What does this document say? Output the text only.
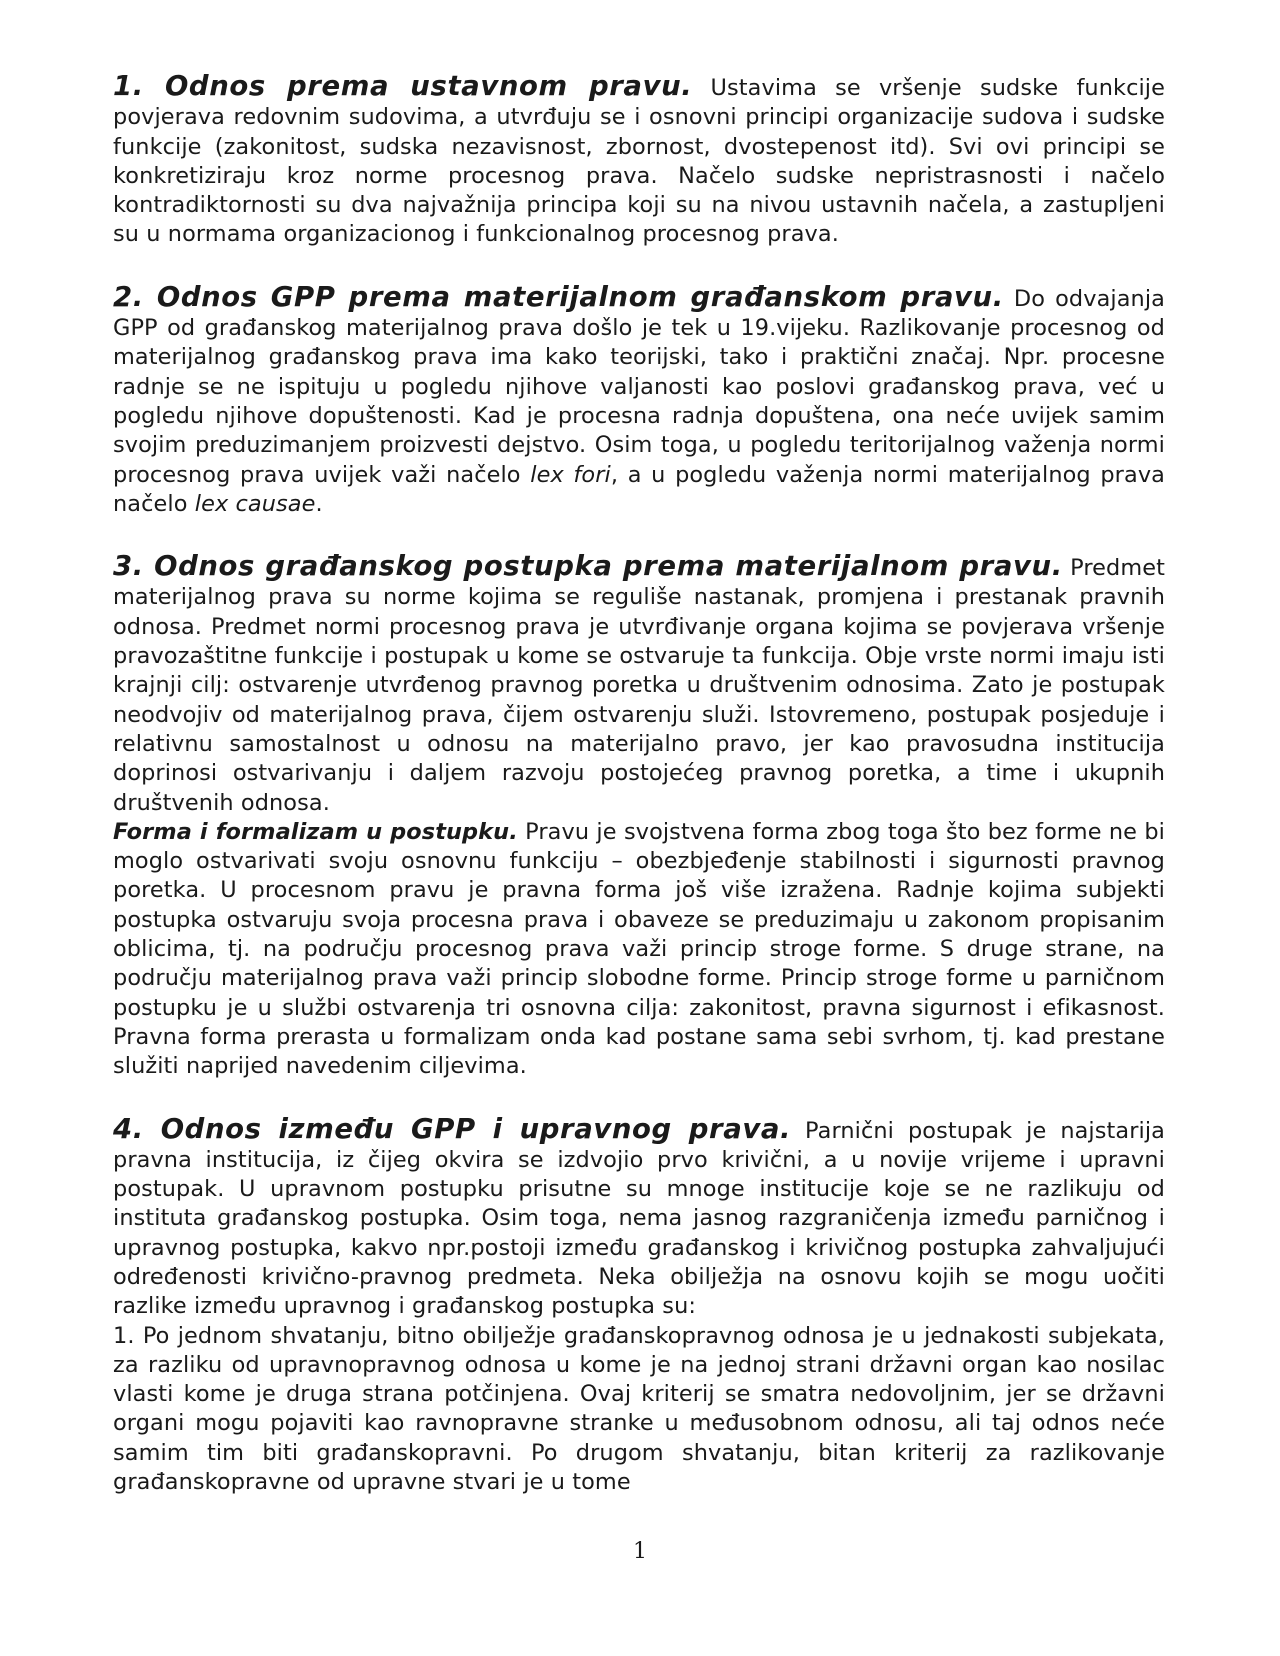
1. Odnos prema ustavnom pravu. Ustavima se vršenje sudske funkcije povjerava redovnim sudovima, a utvrđuju se i osnovni principi organizacije sudova i sudske funkcije (zakonitost, sudska nezavisnost, zbornost, dvostepenost itd). Svi ovi principi se konkretiziraju kroz norme procesnog prava. Načelo sudske nepristrasnosti i načelo kontradiktornosti su dva najvažnija principa koji su na nivou ustavnih načela, a zastupljeni su u normama organizacionog i funkcionalnog procesnog prava.

2. Odnos GPP prema materijalnom građanskom pravu. Do odvajanja GPP od građanskog materijalnog prava došlo je tek u 19.vijeku. Razlikovanje procesnog od materijalnog građanskog prava ima kako teorijski, tako i praktični značaj. Npr. procesne radnje se ne ispituju u pogledu njihove valjanosti kao poslovi građanskog prava, već u pogledu njihove dopuštenosti. Kad je procesna radnja dopuštena, ona neće uvijek samim svojim preduzimanjem proizvesti dejstvo. Osim toga, u pogledu teritorijalnog važenja normi procesnog prava uvijek važi načelo lex fori, a u pogledu važenja normi materijalnog prava načelo lex causae.

3. Odnos građanskog postupka prema materijalnom pravu. Predmet materijalnog prava su norme kojima se reguliše nastanak, promjena i prestanak pravnih odnosa. Predmet normi procesnog prava je utvrđivanje organa kojima se povjerava vršenje pravozaštitne funkcije i postupak u kome se ostvaruje ta funkcija. Obje vrste normi imaju isti krajnji cilj: ostvarenje utvrđenog pravnog poretka u društvenim odnosima. Zato je postupak neodvojiv od materijalnog prava, čijem ostvarenju služi. Istovremeno, postupak posjeduje i relativnu samostalnost u odnosu na materijalno pravo, jer kao pravosudna institucija doprinosi ostvarivanju i daljem razvoju postojećeg pravnog poretka, a time i ukupnih društvenih odnosa.

Forma i formalizam u postupku. Pravu je svojstvena forma zbog toga što bez forme ne bi moglo ostvarivati svoju osnovnu funkciju – obezbjeđenje stabilnosti i sigurnosti pravnog poretka. U procesnom pravu je pravna forma još više izražena. Radnje kojima subjekti postupka ostvaruju svoja procesna prava i obaveze se preduzimaju u zakonom propisanim oblicima, tj. na području procesnog prava važi princip stroge forme. S druge strane, na području materijalnog prava važi princip slobodne forme. Princip stroge forme u parničnom postupku je u službi ostvarenja tri osnovna cilja: zakonitost, pravna sigurnost i efikasnost. Pravna forma prerasta u formalizam onda kad postane sama sebi svrhom, tj. kad prestane služiti naprijed navedenim ciljevima.

4. Odnos između GPP i upravnog prava. Parnični postupak je najstarija pravna institucija, iz čijeg okvira se izdvojio prvo krivični, a u novije vrijeme i upravni postupak. U upravnom postupku prisutne su mnoge institucije koje se ne razlikuju od instituta građanskog postupka. Osim toga, nema jasnog razgraničenja između parničnog i upravnog postupka, kakvo npr.postoji između građanskog i krivičnog postupka zahvaljujući određenosti krivično-pravnog predmeta. Neka obilježja na osnovu kojih se mogu uočiti razlike između upravnog i građanskog postupka su:

1. Po jednom shvatanju, bitno obilježje građanskopravnog odnosa je u jednakosti subjekata, za razliku od upravnopravnog odnosa u kome je na jednoj strani državni organ kao nosilac vlasti kome je druga strana potčinjena. Ovaj kriterij se smatra nedovoljnim, jer se državni organi mogu pojaviti kao ravnopravne stranke u međusobnom odnosu, ali taj odnos neće samim tim biti građanskopravni. Po drugom shvatanju, bitan kriterij za razlikovanje građanskopravne od upravne stvari je u tome

1
